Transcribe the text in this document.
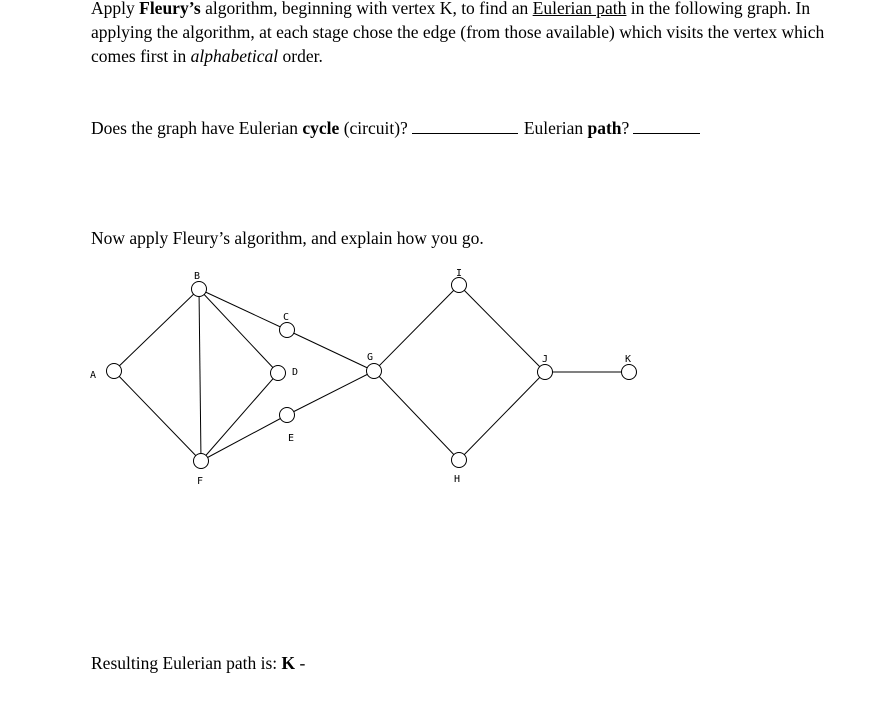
Apply Fleury’s algorithm, beginning with vertex K, to find an Eulerian path in the following graph. In applying the algorithm, at each stage chose the edge (from those available) which visits the vertex which comes first in alphabetical order.

Does the graph have Eulerian cycle (circuit)?	Eulerian path?

Now apply Fleury’s algorithm, and explain how you go.

A
B
C
D
E
F
G
H
I
J	K

Resulting Eulerian path is: K -
